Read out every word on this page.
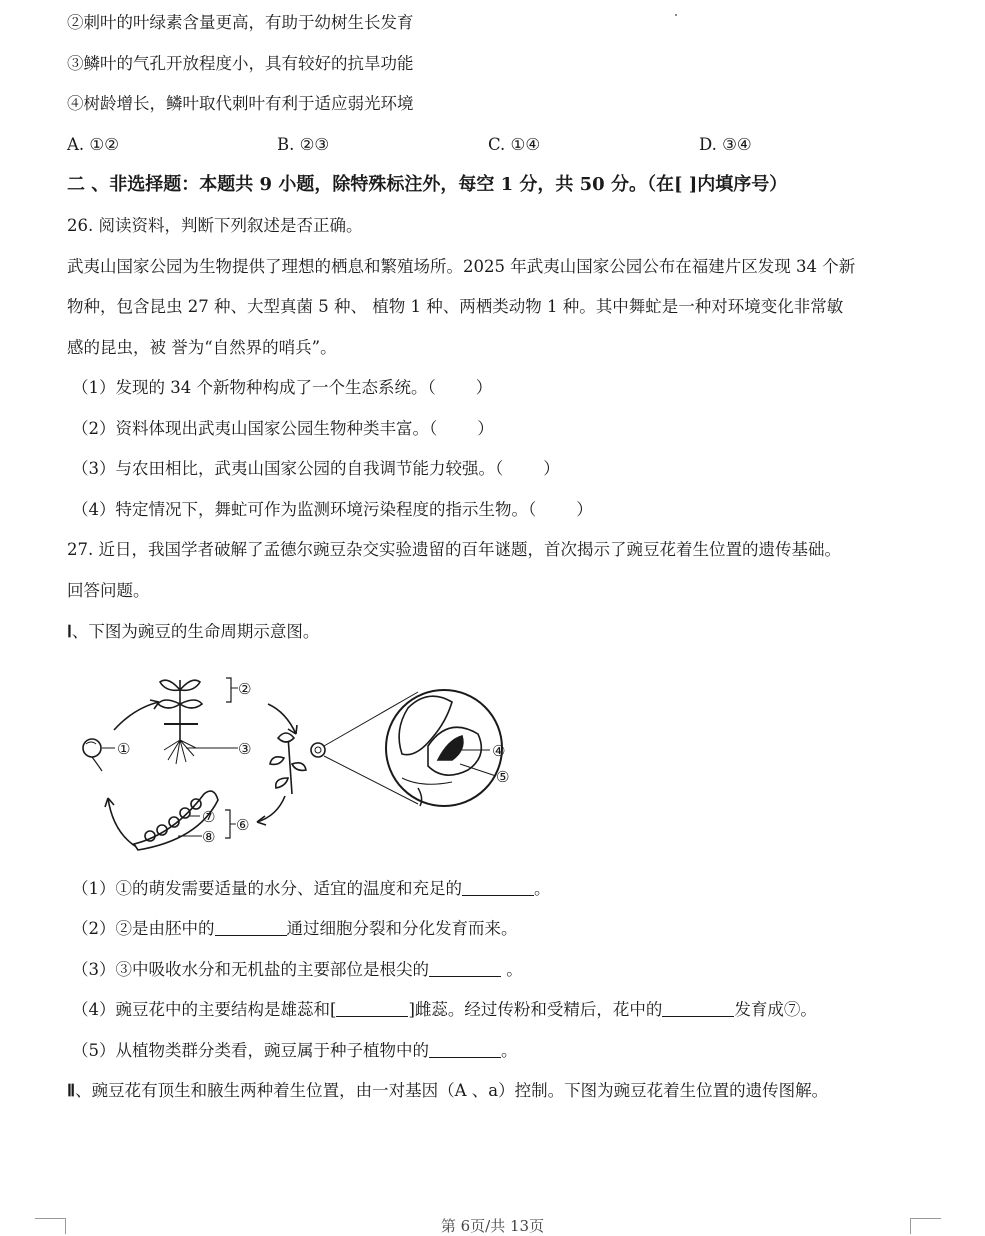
②刺叶的叶绿素含量更高，有助于幼树生长发育
③鳞叶的气孔开放程度小，具有较好的抗旱功能
④树龄增长，鳞叶取代刺叶有利于适应弱光环境
A. ①②	B. ②③	C. ①④	D. ③④
二 、非选择题：本题共 9 小题，除特殊标注外，每空 1 分，共 50 分。（在[ ]内填序号）
26. 阅读资料，判断下列叙述是否正确。
武夷山国家公园为生物提供了理想的栖息和繁殖场所。2025 年武夷山国家公园公布在福建片区发现 34 个新
物种，包含昆虫 27 种、大型真菌 5 种、 植物 1 种、两栖类动物 1 种。其中舞虻是一种对环境变化非常敏
感的昆虫，被 誉为“自然界的哨兵”。
（1）发现的 34 个新物种构成了一个生态系统。（ ）
（2）资料体现出武夷山国家公园生物种类丰富。（ ）
（3）与农田相比，武夷山国家公园的自我调节能力较强。（ ）
（4）特定情况下，舞虻可作为监测环境污染程度的指示生物。（ ）
27. 近日，我国学者破解了孟德尔豌豆杂交实验遗留的百年谜题，首次揭示了豌豆花着生位置的遗传基础。
回答问题。
Ⅰ、下图为豌豆的生命周期示意图。
①
②
③	④
⑤
⑥
⑦
⑧
（1）①的萌发需要适量的水分、适宜的温度和充足的	。
（2）②是由胚中的	通过细胞分裂和分化发育而来。
（3）③中吸收水分和无机盐的主要部位是根尖的	。
（4）豌豆花中的主要结构是雄蕊和[	]雌蕊。经过传粉和受精后，花中的	发育成⑦。
（5）从植物类群分类看，豌豆属于种子植物中的	。
Ⅱ、豌豆花有顶生和腋生两种着生位置，由一对基因（A 、a）控制。下图为豌豆花着生位置的遗传图解。
第 6页/共 13页
